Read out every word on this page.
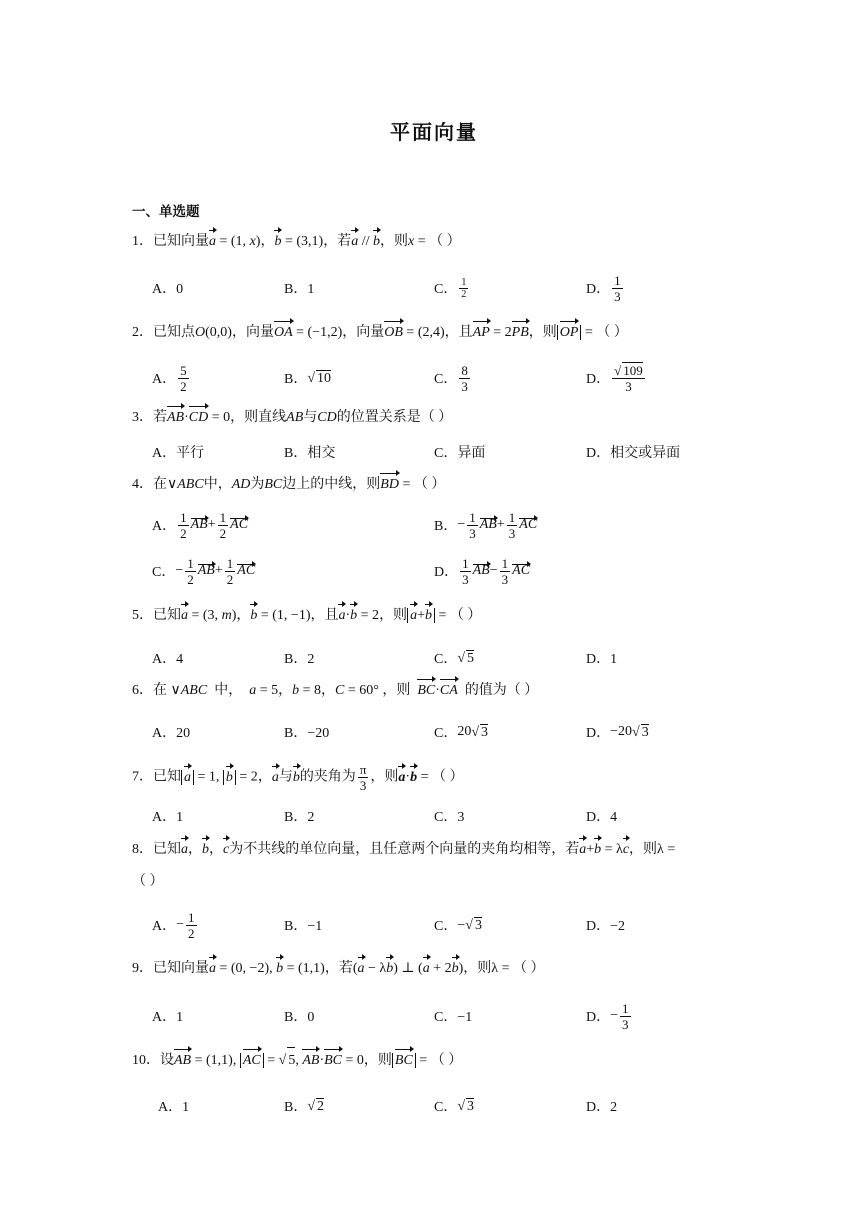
平面向量
一、单选题
1．已知向量a = (1, x)，b = (3,1)，若a // b，则x = （ ）
A．0	B．1	C． $\frac{1}{2}$	D． $\frac{1}{3}$
2．已知点O(0,0)，向量OA = (−1,2)，向量OB = (2,4)，且AP = 2PB，则 OP = （ ）
A． $\frac{5}{2}$	B． √ 10	C． $\frac{8}{3}$	D． $\frac{√ 109}{3}$
3．若AB·CD = 0，则直线AB与CD的位置关系是（ ）
A．平行	B．相交	C．异面	D．相交或异面
4．在∨ABC中，AD为BC边上的中线，则BD = （ ）
A． $\frac{1}{2}$ AB + $\frac{1}{2}$ AC	B． − $\frac{1}{3}$ AB + $\frac{1}{3}$ AC
C． − $\frac{1}{2}$ AB + $\frac{1}{2}$ AC	D． $\frac{1}{3}$ AB − $\frac{1}{3}$ AC
5．已知a = (3, m)，b = (1, −1)，且a·b = 2，则 a+b = （ ）
A．4	B．2	C． √ 5	D．1
6．在 ∨ABC 中， a = 5，b = 8，C = 60° ，则 BC·CA 的值为（ ）
A．20	B．−20	C． 20 √ 3	D． −20 √ 3
7．已知 a = 1, b = 2，a与b的夹角为 $\frac{\pi}{3}$ ，则a·b = （ ）
A．1	B．2	C．3	D．4
8．已知a，b，c为不共线的单位向量，且任意两个向量的夹角均相等，若a+b = λc，则λ =
（ ）
A． − $\frac{1}{2}$	B．−1	C． −√ 3	D．−2
9．已知向量a = (0, −2), b = (1,1)，若(a − λb) ⊥ (a + 2b)，则λ = （ ）
A．1	B．0	C．−1	D． − $\frac{1}{3}$
10．设AB = (1,1), AC = √ 5, AB·BC = 0，则 BC = （ ）
A．1	B． √ 2	C． √ 3	D．2
